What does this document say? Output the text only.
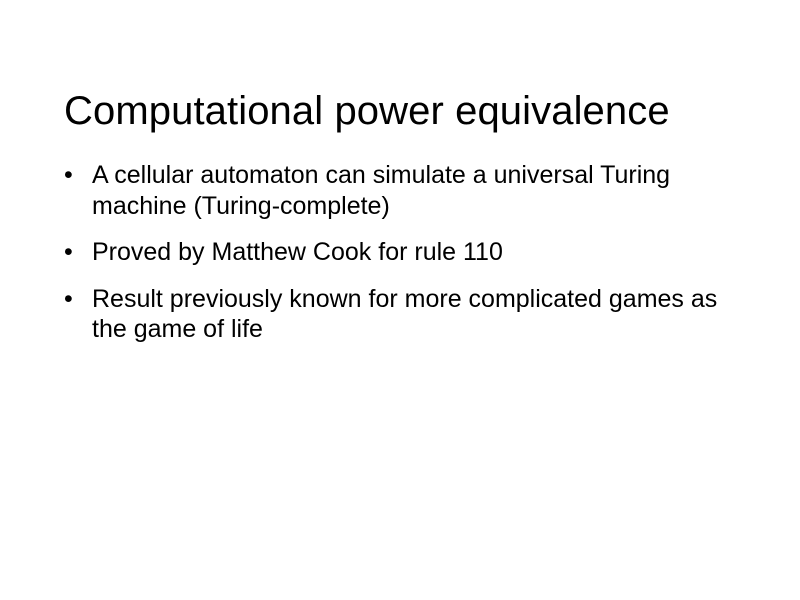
Computational power equivalence
• A cellular automaton can simulate a universal Turing machine (Turing-complete)
• Proved by Matthew Cook for rule 110
• Result previously known for more complicated games as the game of life
